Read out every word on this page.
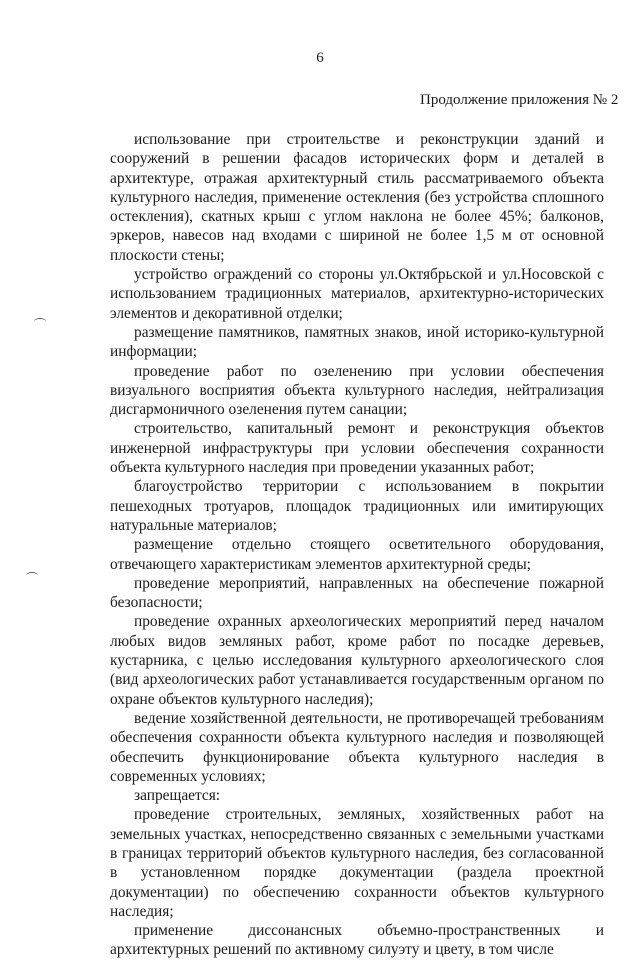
6
Продолжение приложения № 2

использование при строительстве и реконструкции зданий и сооружений в решении фасадов исторических форм и деталей в архитектуре, отражая архитектурный стиль рассматриваемого объекта культурного наследия, применение остекления (без устройства сплошного остекления), скатных крыш с углом наклона не более 45%; балконов, эркеров, навесов над входами с шириной не более 1,5 м от основной плоскости стены;

устройство ограждений со стороны ул.Октябрьской и ул.Носовской с использованием традиционных материалов, архитектурно-исторических элементов и декоративной отделки;

размещение памятников, памятных знаков, иной историко-культурной информации;

проведение работ по озеленению при условии обеспечения визуального восприятия объекта культурного наследия, нейтрализация дисгармоничного озеленения путем санации;

строительство, капитальный ремонт и реконструкция объектов инженерной инфраструктуры при условии обеспечения сохранности объекта культурного наследия при проведении указанных работ;

благоустройство территории с использованием в покрытии пешеходных тротуаров, площадок традиционных или имитирующих натуральные материалов;

размещение отдельно стоящего осветительного оборудования, отвечающего характеристикам элементов архитектурной среды;

проведение мероприятий, направленных на обеспечение пожарной безопасности;

проведение охранных археологических мероприятий перед началом любых видов земляных работ, кроме работ по посадке деревьев, кустарника, с целью исследования культурного археологического слоя (вид археологических работ устанавливается государственным органом по охране объектов культурного наследия);

ведение хозяйственной деятельности, не противоречащей требованиям обеспечения сохранности объекта культурного наследия и позволяющей обеспечить функционирование объекта культурного наследия в современных условиях;

запрещается:

проведение строительных, земляных, хозяйственных работ на земельных участках, непосредственно связанных с земельными участками в границах территорий объектов культурного наследия, без согласованной в установленном порядке документации (раздела проектной документации) по обеспечению сохранности объектов культурного наследия;

применение диссонансных объемно-пространственных и архитектурных решений по активному силуэту и цвету, в том числе
